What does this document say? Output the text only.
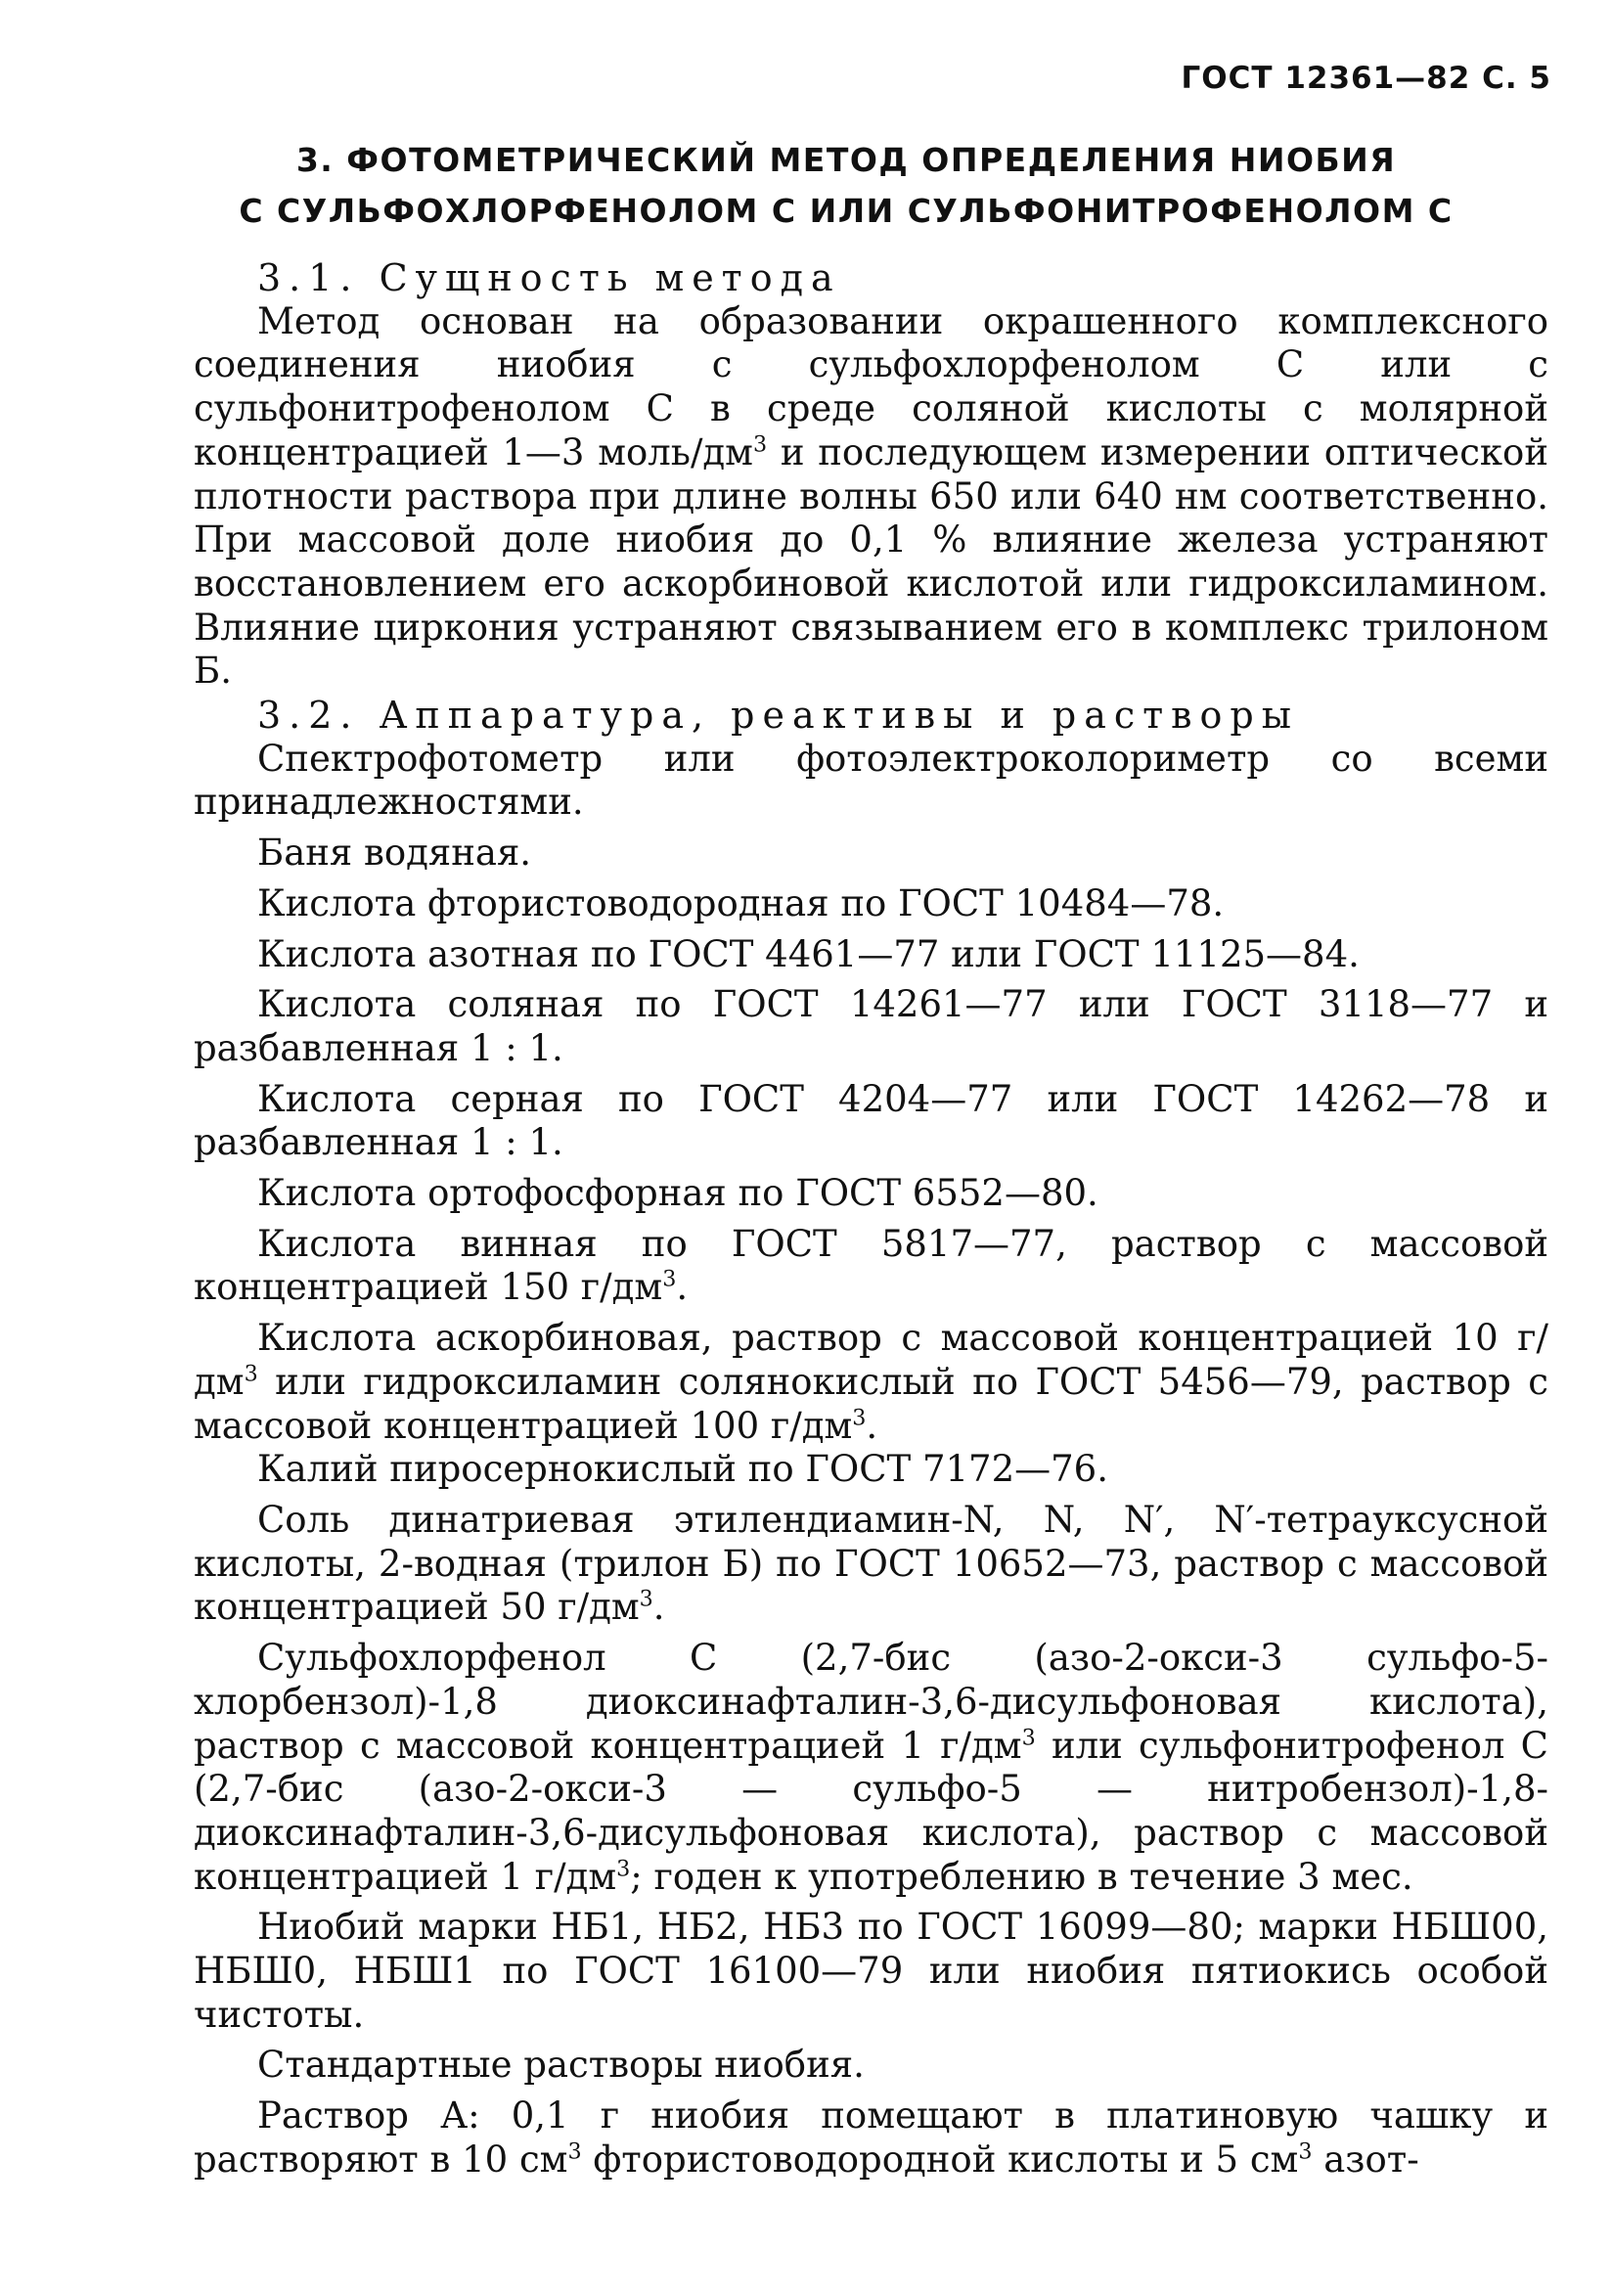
ГОСТ 12361—82 С. 5
3. ФОТОМЕТРИЧЕСКИЙ МЕТОД ОПРЕДЕЛЕНИЯ НИОБИЯ
С СУЛЬФОХЛОРФЕНОЛОМ С ИЛИ СУЛЬФОНИТРОФЕНОЛОМ С

3.1. Сущность метода

Метод основан на образовании окрашенного комплексного соединения ниобия с сульфохлорфенолом С или с сульфонитрофенолом С в среде соляной кислоты с молярной концентрацией 1—3 моль/$дм^3$ и последующем измерении оптической плотности раствора при длине волны 650 или 640 нм соответственно. При массовой доле ниобия до 0,1 % влияние железа устраняют восстановлением его аскорбиновой кислотой или гидроксиламином. Влияние циркония устраняют связыванием его в комплекс трилоном Б.

3.2. Аппаратура, реактивы и растворы

Спектрофотометр или фотоэлектроколориметр со всеми принадлежностями.

Баня водяная.

Кислота фтористоводородная по ГОСТ 10484—78.

Кислота азотная по ГОСТ 4461—77 или ГОСТ 11125—84.

Кислота соляная по ГОСТ 14261—77 или ГОСТ 3118—77 и разбавленная 1 : 1.

Кислота серная по ГОСТ 4204—77 или ГОСТ 14262—78 и разбавленная 1 : 1.

Кислота ортофосфорная по ГОСТ 6552—80.

Кислота винная по ГОСТ 5817—77, раствор с массовой концентрацией 150 $г/дм^3$.

Кислота аскорбиновая, раствор с массовой концентрацией 10 $г/дм^3$ или гидроксиламин солянокислый по ГОСТ 5456—79, раствор с массовой концентрацией 100 $г/дм^3$.

Калий пиросернокислый по ГОСТ 7172—76.

Соль динатриевая этилендиамин-N, N, N′, N′-тетрауксусной кислоты, 2-водная (трилон Б) по ГОСТ 10652—73, раствор с массовой концентрацией 50 $г/дм^3$.

Сульфохлорфенол С (2,7-бис (азо-2-окси-3 сульфо-5-хлорбензол)-1,8 диоксинафталин-3,6-дисульфоновая кислота), раствор с массовой концентрацией 1 $г/дм^3$ или сульфонитрофенол С (2,7-бис (азо-2-окси-3 — сульфо-5 — нитробензол)-1,8-диоксинафталин-3,6-дисульфоновая кислота), раствор с массовой концентрацией 1 $г/дм^3$; годен к употреблению в течение 3 мес.

Ниобий марки НБ1, НБ2, НБ3 по ГОСТ 16099—80; марки НБШ00, НБШ0, НБШ1 по ГОСТ 16100—79 или ниобия пятиокись особой чистоты.

Стандартные растворы ниобия.

Раствор А: 0,1 г ниобия помещают в платиновую чашку и растворяют в 10 $см^3$ фтористоводородной кислоты и 5 $см^3$ азот-
